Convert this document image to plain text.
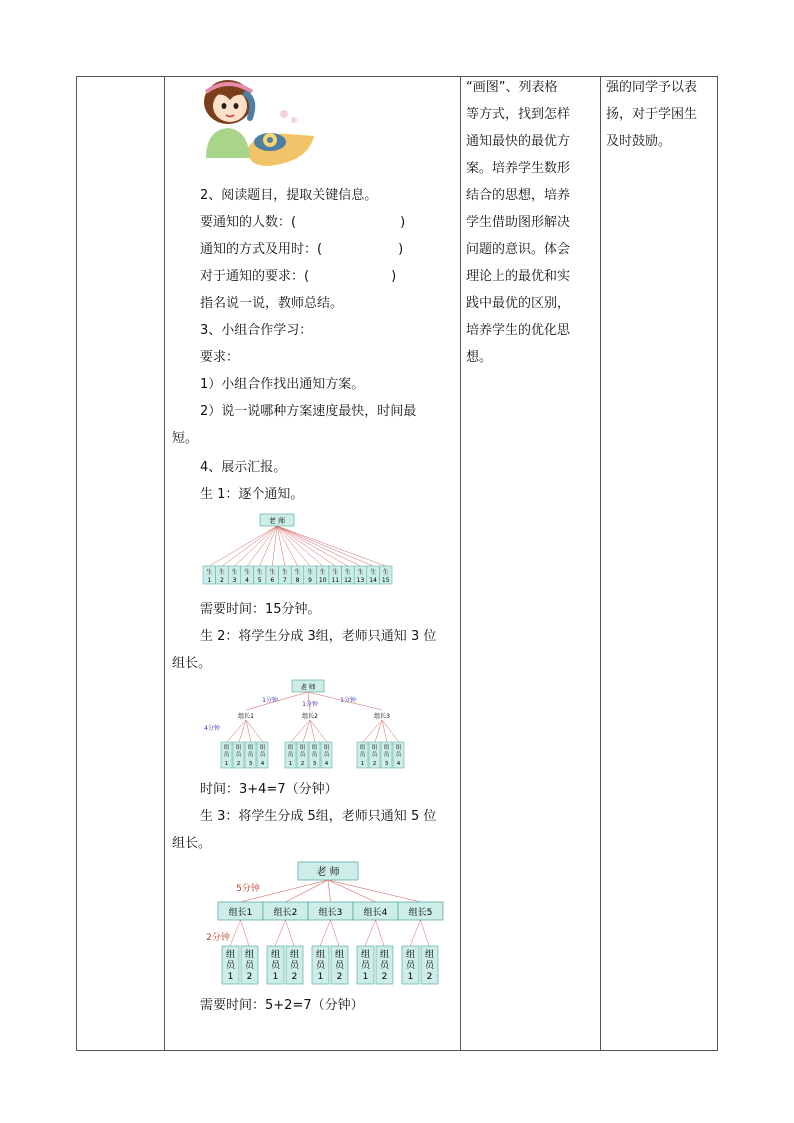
2、阅读题目，提取关键信息。

要通知的人数：(	)

通知的方式及用时：(	)

对于通知的要求：(	)

指名说一说，教师总结。

3、小组合作学习：

要求：

1）小组合作找出通知方案。

2）说一说哪种方案速度最快，时间最

短。

4、展示汇报。

生 1：逐个通知。

老 师
生
1
生
2
生
3
生
4
生
5
生
6
生
7
生
8
生
9
生
10
生
11
生
12
生
13
生
14
生
15

需要时间：15分钟。

生 2：将学生分成 3组，老师只通知 3 位

组长。

老 师
1分钟
1分钟
1分钟
4分钟
组长1
组
员
1
组
员
2
组
员
3
组
员
4
组长2
组
员
1
组
员
2
组
员
3
组
员
4
组长3
组
员
1
组
员
2
组
员
3
组
员
4

时间：3+4=7（分钟）

生 3：将学生分成 5组，老师只通知 5 位

组长。

老 师
5分钟
2分钟
组长1
组
员
1
组
员
2
组长2
组
员
1
组
员
2
组长3
组
员
1
组
员
2
组长4
组
员
1
组
员
2
组长5
组
员
1
组
员
2

需要时间：5+2=7（分钟）

“画图”、列表格
等方式，找到怎样
通知最快的最优方
案。培养学生数形
结合的思想，培养
学生借助图形解决
问题的意识。体会
理论上的最优和实
践中最优的区别，
培养学生的优化思
想。
强的同学予以表
扬，对于学困生
及时鼓励。
